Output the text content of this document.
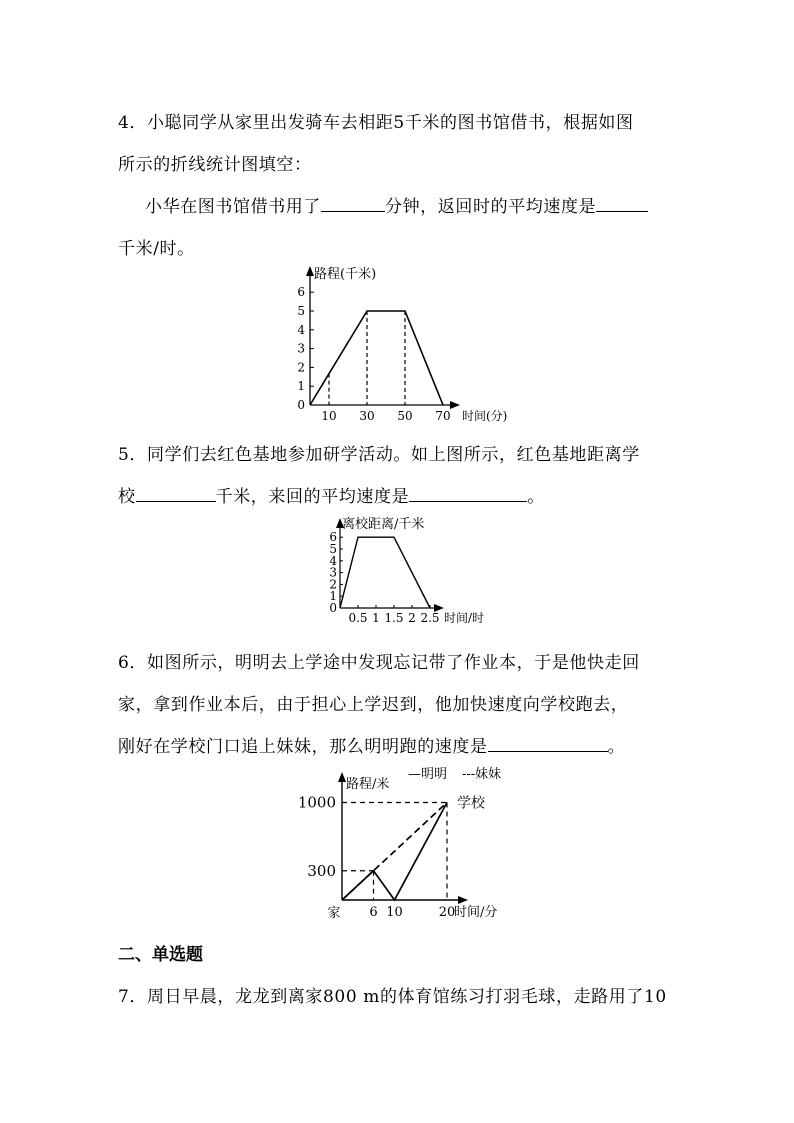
4．小聪同学从家里出发骑车去相距5千米的图书馆借书，根据如图
所示的折线统计图填空：
小华在图书馆借书用了	分钟，返回时的平均速度是
千米/时。
0
1
2
3
4
5
6
10 30 50 70
路程(千米)
时间(分)
5．同学们去红色基地参加研学活动。如上图所示，红色基地距离学
校	千米，来回的平均速度是	。
0
1
2
3
4
5
6
0.5 1 1.5 2 2.5
离校距离/千米
时间/时
6．如图所示，明明去上学途中发现忘记带了作业本，于是他快走回
家，拿到作业本后，由于担心上学迟到，他加快速度向学校跑去，
刚好在学校门口追上妹妹，那么明明跑的速度是	。
家
300
1000
6 10	20
时间/分
路程/米
学校
—明明 ---妹妹
二、单选题
7．周日早晨，龙龙到离家800 m的体育馆练习打羽毛球，走路用了10
